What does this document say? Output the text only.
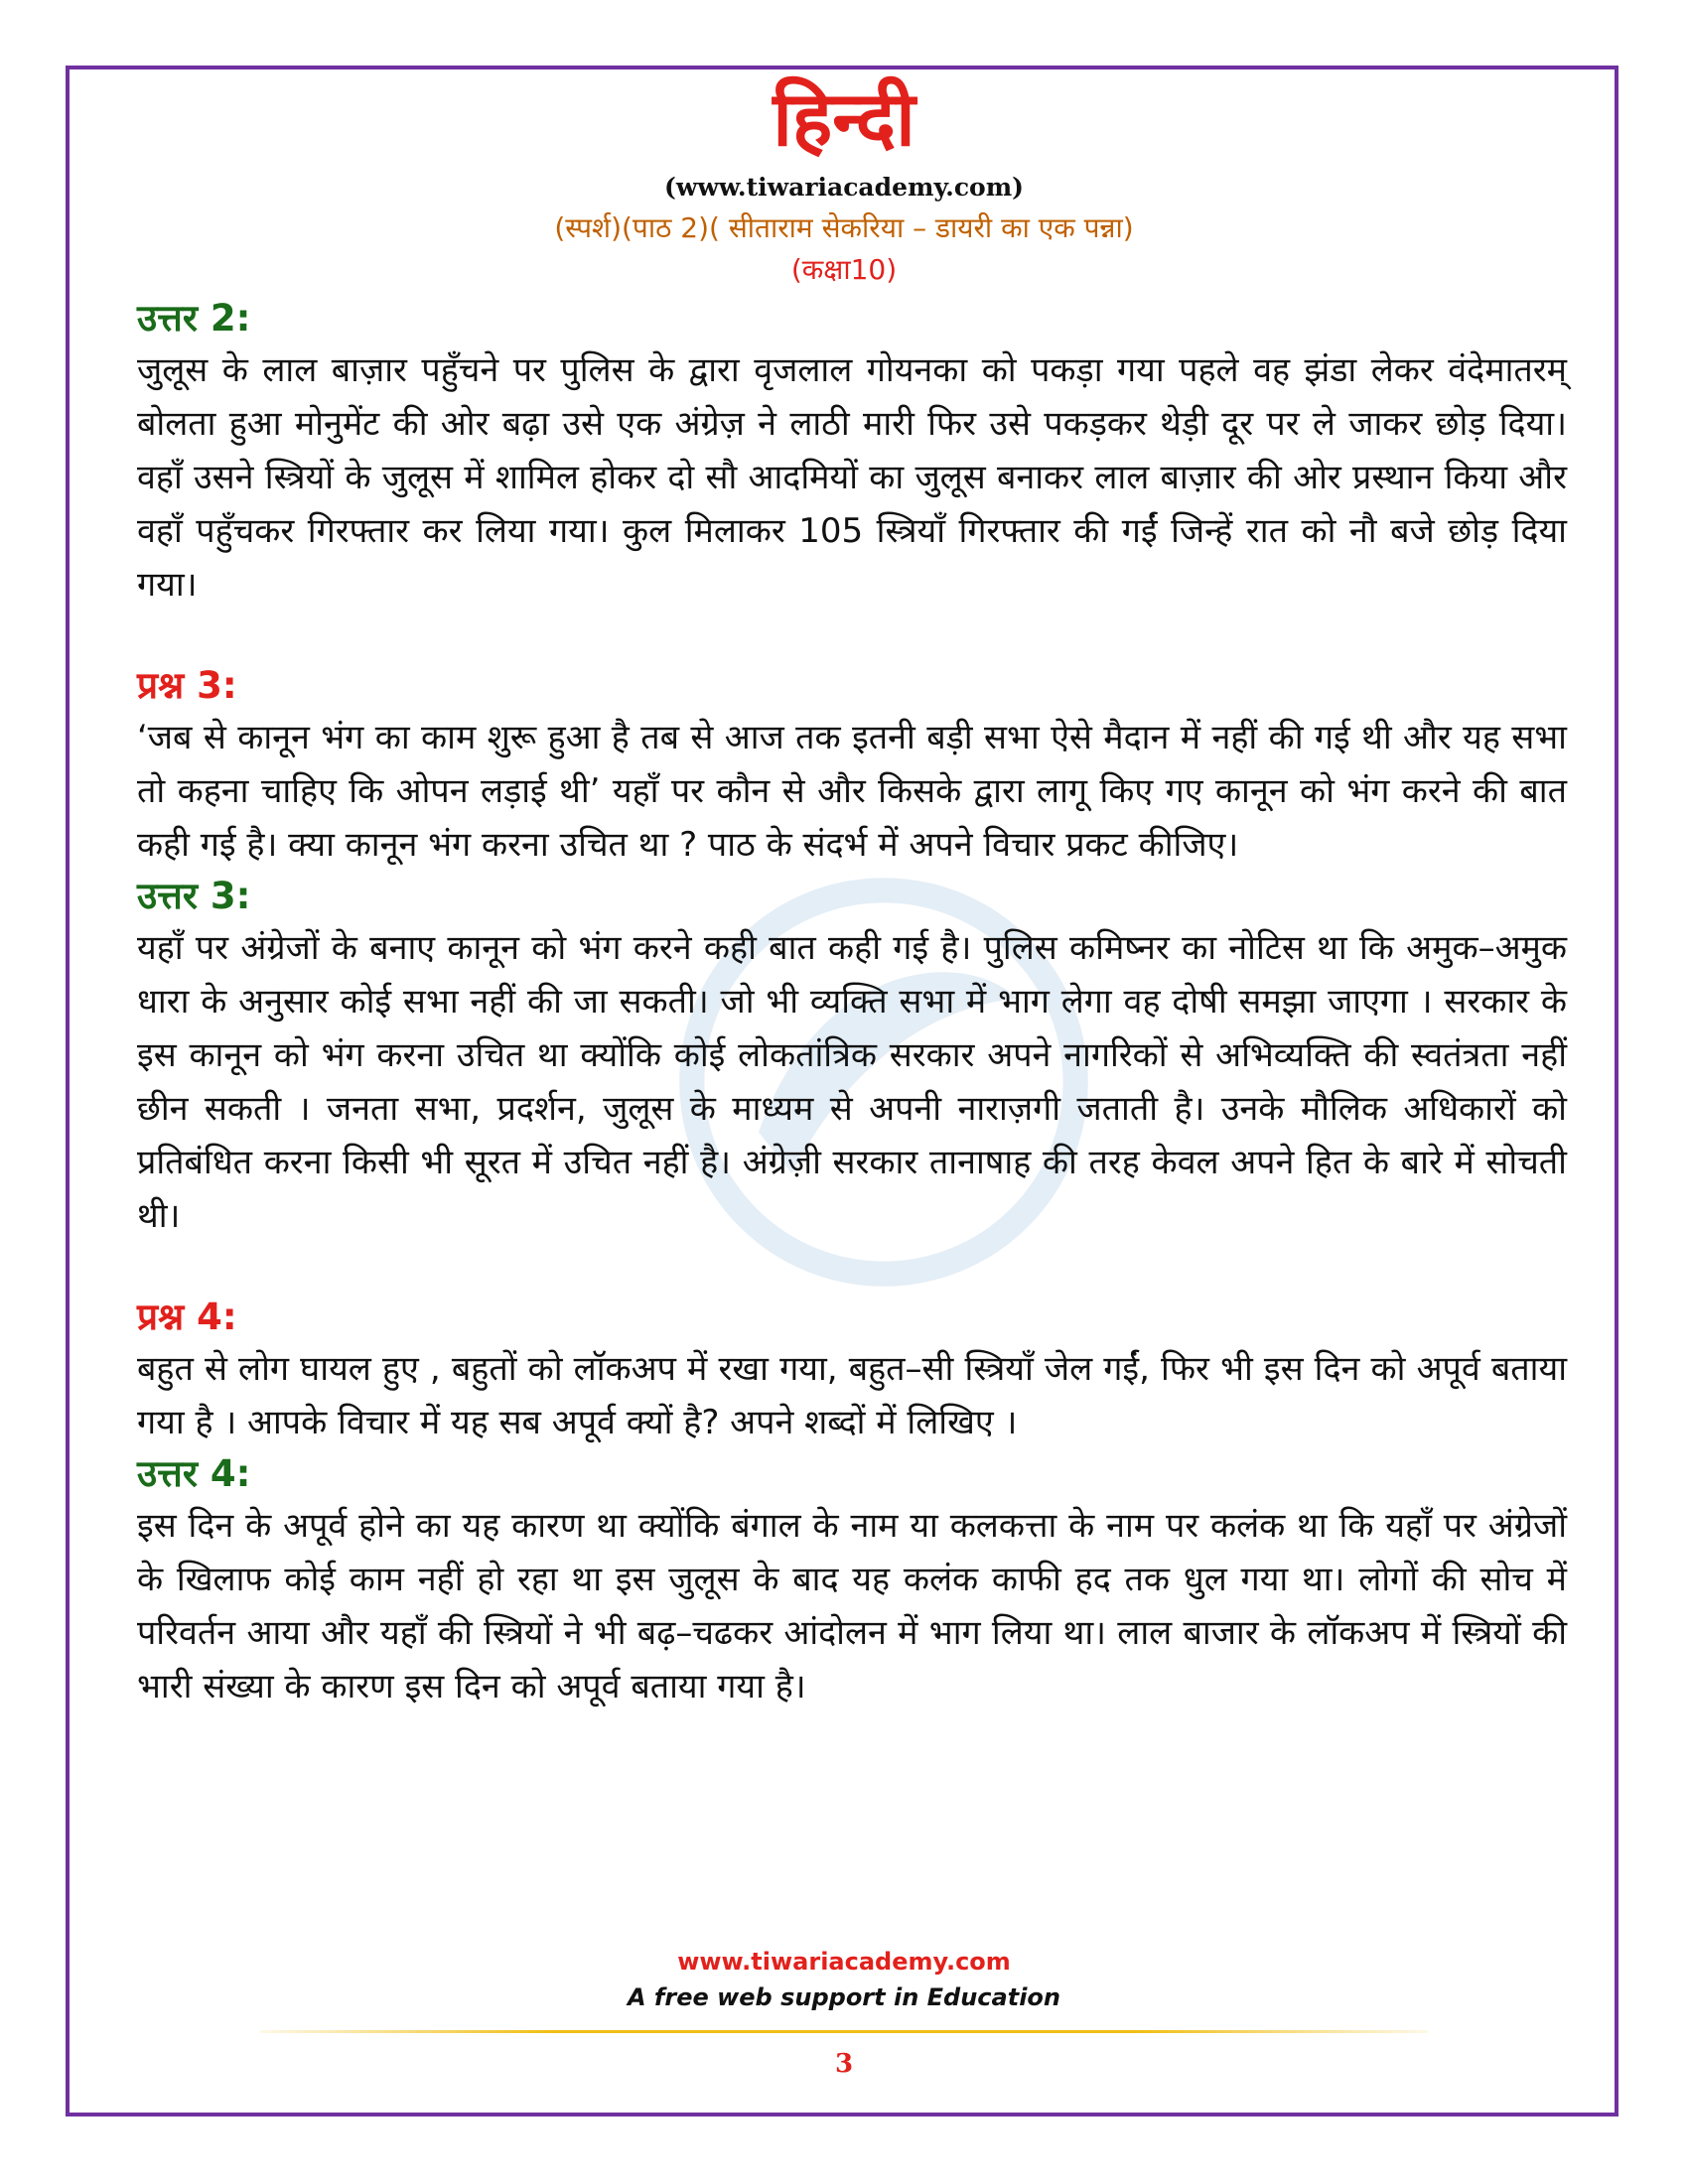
हिन्दी
(www.tiwariacademy.com)
(स्पर्श)(पाठ 2)( सीताराम सेकरिया – डायरी का एक पन्ना)
(कक्षा10)

उत्तर 2:

जुलूस के लाल बाज़ार पहुँचने पर पुलिस के द्वारा वृजलाल गोयनका को पकड़ा गया पहले वह झंडा लेकर वंदेमातरम् बोलता हुआ मोनुमेंट की ओर बढ़ा उसे एक अंग्रेज़ ने लाठी मारी फिर उसे पकड़कर थेड़ी दूर पर ले जाकर छोड़ दिया। वहाँ उसने स्त्रियों के जुलूस में शामिल होकर दो सौ आदमियों का जुलूस बनाकर लाल बाज़ार की ओर प्रस्थान किया और वहाँ पहुँचकर गिरफ्तार कर लिया गया। कुल मिलाकर 105 स्त्रियाँ गिरफ्तार की गईं जिन्हें रात को नौ बजे छोड़ दिया गया।

प्रश्न 3:

‘जब से कानून भंग का काम शुरू हुआ है तब से आज तक इतनी बड़ी सभा ऐसे मैदान में नहीं की गई थी और यह सभा तो कहना चाहिए कि ओपन लड़ाई थी’ यहाँ पर कौन से और किसके द्वारा लागू किए गए कानून को भंग करने की बात कही गई है। क्या कानून भंग करना उचित था ? पाठ के संदर्भ में अपने विचार प्रकट कीजिए।

उत्तर 3:

यहाँ पर अंग्रेजों के बनाए कानून को भंग करने कही बात कही गई है। पुलिस कमिष्नर का नोटिस था कि अमुक–अमुक धारा के अनुसार कोई सभा नहीं की जा सकती। जो भी व्यक्ति सभा में भाग लेगा वह दोषी समझा जाएगा । सरकार के इस कानून को भंग करना उचित था क्योंकि कोई लोकतांत्रिक सरकार अपने नागरिकों से अभिव्यक्ति की स्वतंत्रता नहीं छीन सकती । जनता सभा, प्रदर्शन, जुलूस के माध्यम से अपनी नाराज़गी जताती है। उनके मौलिक अधिकारों को प्रतिबंधित करना किसी भी सूरत में उचित नहीं है। अंग्रेज़ी सरकार तानाषाह की तरह केवल अपने हित के बारे में सोचती थी।

प्रश्न 4:

बहुत से लोग घायल हुए , बहुतों को लॉकअप में रखा गया, बहुत–सी स्त्रियाँ जेल गईं, फिर भी इस दिन को अपूर्व बताया गया है । आपके विचार में यह सब अपूर्व क्यों है? अपने शब्दों में लिखिए ।

उत्तर 4:

इस दिन के अपूर्व होने का यह कारण था क्योंकि बंगाल के नाम या कलकत्ता के नाम पर कलंक था कि यहाँ पर अंग्रेजों के खिलाफ कोई काम नहीं हो रहा था इस जुलूस के बाद यह कलंक काफी हद तक धुल गया था। लोगों की सोच में परिवर्तन आया और यहाँ की स्त्रियों ने भी बढ़–चढकर आंदोलन में भाग लिया था। लाल बाजार के लॉकअप में स्त्रियों की भारी संख्या के कारण इस दिन को अपूर्व बताया गया है।

www.tiwariacademy.com
A free web support in Education
3
